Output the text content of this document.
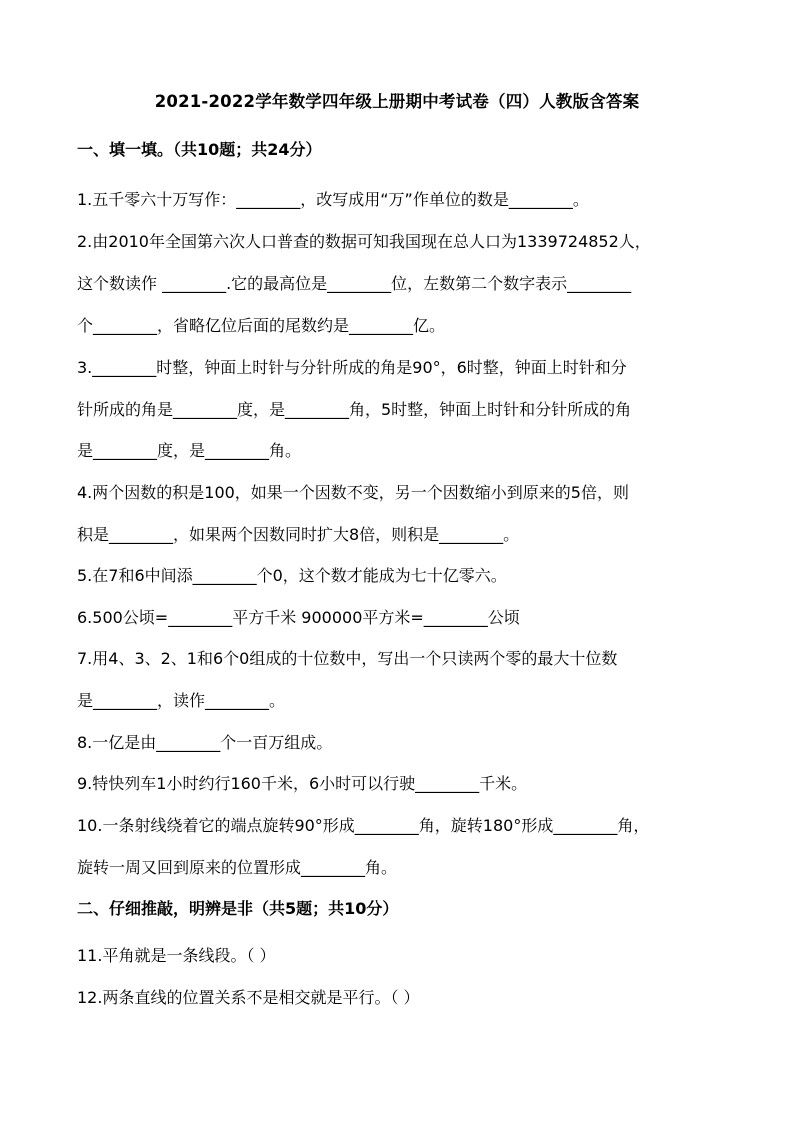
2021-2022学年数学四年级上册期中考试卷（四）人教版含答案
一、填一填。（共10题；共24分）
1.五千零六十万写作：________，改写成用“万”作单位的数是________。
2.由2010年全国第六次人口普查的数据可知我国现在总人口为1339724852人，
这个数读作 ________.它的最高位是________位，左数第二个数字表示________
个________，省略亿位后面的尾数约是________亿。
3.________时整，钟面上时针与分针所成的角是90°，6时整，钟面上时针和分
针所成的角是________度，是________角，5时整，钟面上时针和分针所成的角
是________度，是________角。
4.两个因数的积是100，如果一个因数不变，另一个因数缩小到原来的5倍，则
积是________，如果两个因数同时扩大8倍，则积是________。
5.在7和6中间添________个0，这个数才能成为七十亿零六。
6.500公顷=________平方千米 900000平方米=________公顷
7.用4、3、2、1和6个0组成的十位数中，写出一个只读两个零的最大十位数
是________，读作________。
8.一亿是由________个一百万组成。
9.特快列车1小时约行160千米，6小时可以行驶________千米。
10.一条射线绕着它的端点旋转90°形成________角，旋转180°形成________角，
旋转一周又回到原来的位置形成________角。
二、仔细推敲，明辨是非（共5题；共10分）
11.平角就是一条线段。（ ）
12.两条直线的位置关系不是相交就是平行。（ ）
